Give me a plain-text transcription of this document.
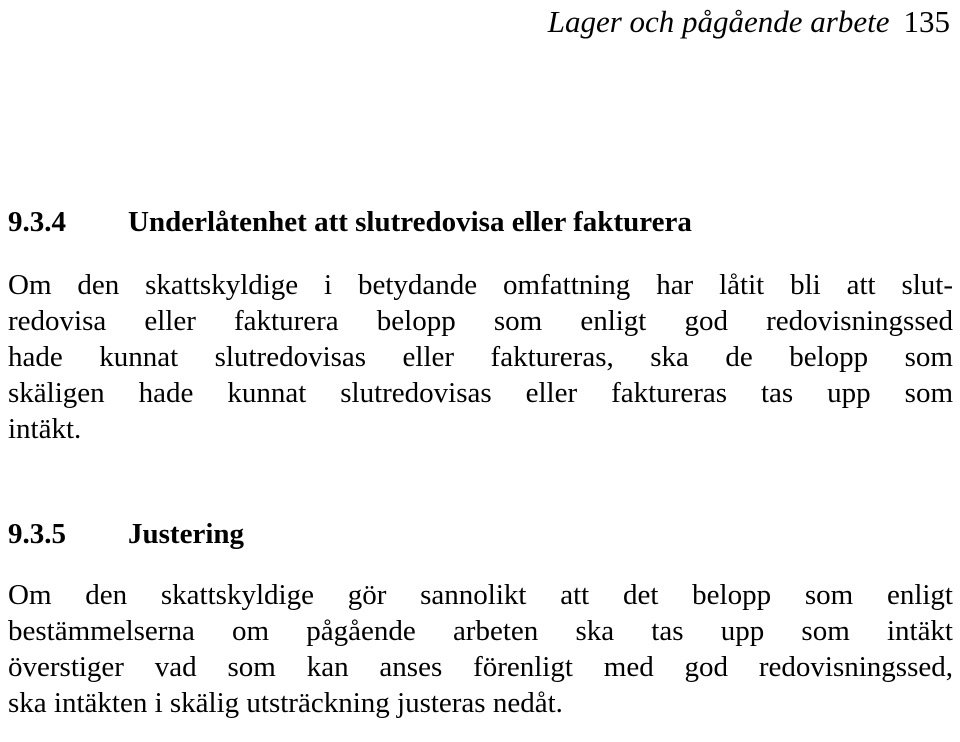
Lager och pågående arbete 135
9.3.4 Underlåtenhet att slutredovisa eller fakturera
Om den skattskyldige i betydande omfattning har låtit bli att slut-
redovisa eller fakturera belopp som enligt god redovisningssed
hade kunnat slutredovisas eller faktureras, ska de belopp som
skäligen hade kunnat slutredovisas eller faktureras tas upp som
intäkt.
9.3.5 Justering
Om den skattskyldige gör sannolikt att det belopp som enligt
bestämmelserna om pågående arbeten ska tas upp som intäkt
överstiger vad som kan anses förenligt med god redovisningssed,
ska intäkten i skälig utsträckning justeras nedåt.
